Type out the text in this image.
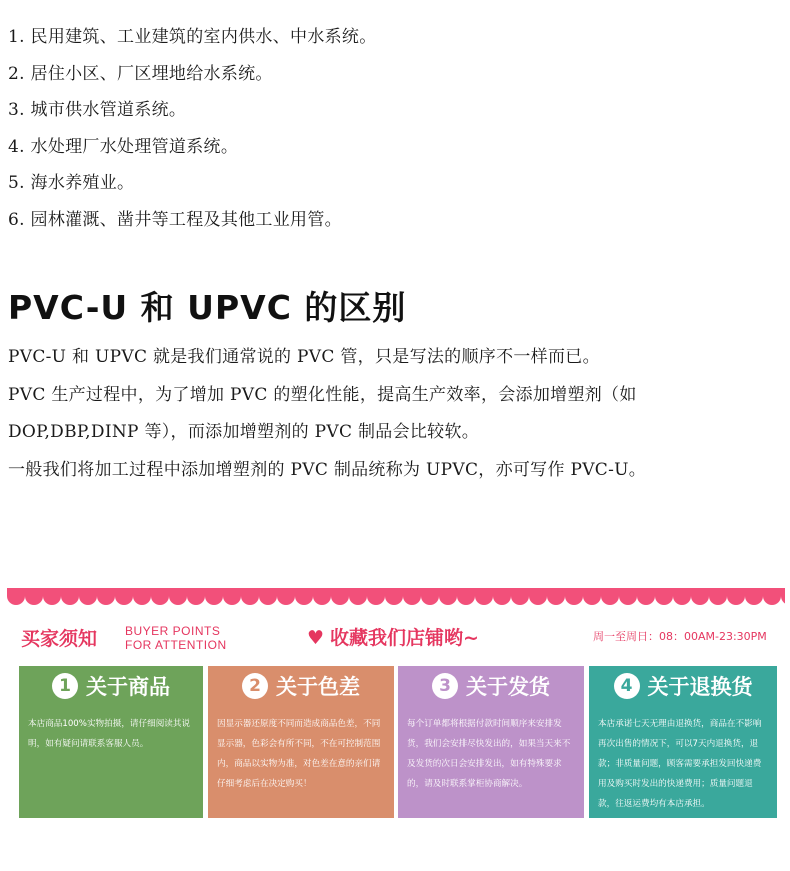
1. 民用建筑、工业建筑的室内供水、中水系统。
2. 居住小区、厂区埋地给水系统。
3. 城市供水管道系统。
4. 水处理厂水处理管道系统。
5. 海水养殖业。
6. 园林灌溉、凿井等工程及其他工业用管。
PVC-U 和 UPVC 的区别
PVC-U 和 UPVC 就是我们通常说的 PVC 管，只是写法的顺序不一样而已。
PVC 生产过程中，为了增加 PVC 的塑化性能，提高生产效率，会添加增塑剂（如
DOP,DBP,DINP 等），而添加增塑剂的 PVC 制品会比较软。
一般我们将加工过程中添加增塑剂的 PVC 制品统称为 UPVC，亦可写作 PVC-U。
买家须知 BUYER POINTS
FOR ATTENTION	♥ 收藏我们店铺哟~	周一至周日：08：00AM-23:30PM
1 关于商品
本店商品100%实物拍摄，请仔细阅读其说明，如有疑问请联系客服人员。
2 关于色差
因显示器还原度不同而造成商品色差，不同显示器，色彩会有所不同，不在可控制范围内，商品以实物为准，对色差在意的亲们请仔细考虑后在决定购买！
3 关于发货
每个订单都将根据付款时间顺序来安排发货，我们会安排尽快发出的，如果当天来不及发货的次日会安排发出，如有特殊要求的，请及时联系掌柜协商解决。
4 关于退换货
本店承诺七天无理由退换货，商品在不影响再次出售的情况下，可以7天内退换货，退款；非质量问题，顾客需要承担发回快递费用及购买时发出的快递费用；质量问题退款，往返运费均有本店承担。
